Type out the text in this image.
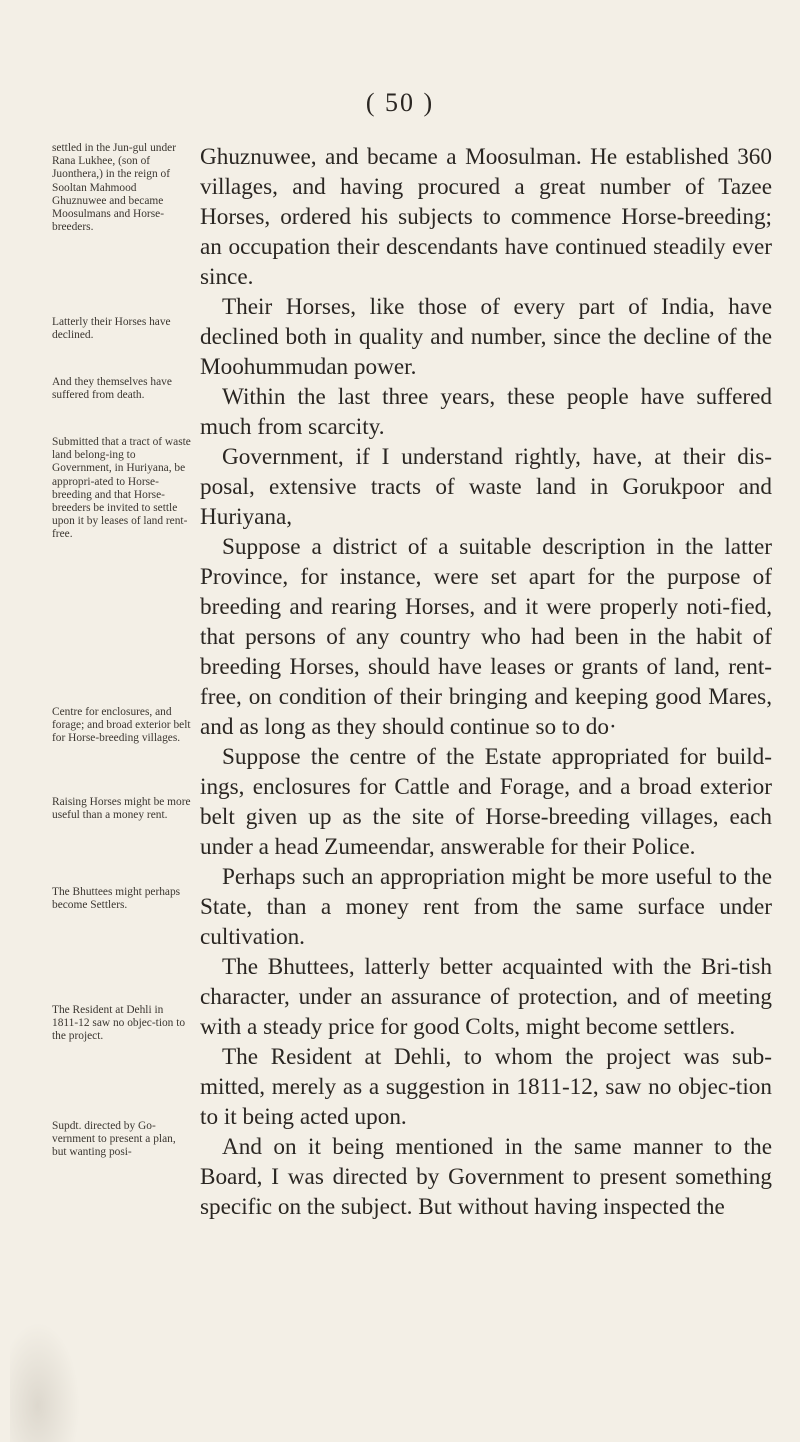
( 50 )

settled in the Jun-gul under Rana Lukhee, (son of Juonthera,) in the reign of Sooltan Mahmood Ghuznuwee and became Moosulmans and Horse-breeders.

Latterly their Horses have declined.

And they themselves have suffered from death.

Submitted that a tract of waste land belong-ing to Government, in Huriyana, be appropri-ated to Horse-breeding and that Horse-breeders be invited to settle upon it by leases of land rent-free.

Centre for enclosures, and forage; and broad exterior belt for Horse-breeding villages.

Raising Horses might be more useful than a money rent.

The Bhuttees might perhaps become Settlers.

The Resident at Dehli in 1811-12 saw no objec-tion to the project.

Supdt. directed by Go-vernment to present a plan, but wanting posi-

Ghuznuwee, and became a Moosulman. He established 360 villages, and having procured a great number of Tazee Horses, ordered his subjects to commence Horse-breeding; an occupation their descendants have continued steadily ever since.

Their Horses, like those of every part of India, have declined both in quality and number, since the decline of the Moohummudan power.

Within the last three years, these people have suffered much from scarcity.

Government, if I understand rightly, have, at their dis-posal, extensive tracts of waste land in Gorukpoor and Huriyana,

Suppose a district of a suitable description in the latter Province, for instance, were set apart for the purpose of breeding and rearing Horses, and it were properly noti-fied, that persons of any country who had been in the habit of breeding Horses, should have leases or grants of land, rent-free, on condition of their bringing and keeping good Mares, and as long as they should continue so to do·

Suppose the centre of the Estate appropriated for build-ings, enclosures for Cattle and Forage, and a broad exterior belt given up as the site of Horse-breeding villages, each under a head Zumeendar, answerable for their Police.

Perhaps such an appropriation might be more useful to the State, than a money rent from the same surface under cultivation.

The Bhuttees, latterly better acquainted with the Bri-tish character, under an assurance of protection, and of meeting with a steady price for good Colts, might become settlers.

The Resident at Dehli, to whom the project was sub-mitted, merely as a suggestion in 1811-12, saw no objec-tion to it being acted upon.

And on it being mentioned in the same manner to the Board, I was directed by Government to present something specific on the subject. But without having inspected the
